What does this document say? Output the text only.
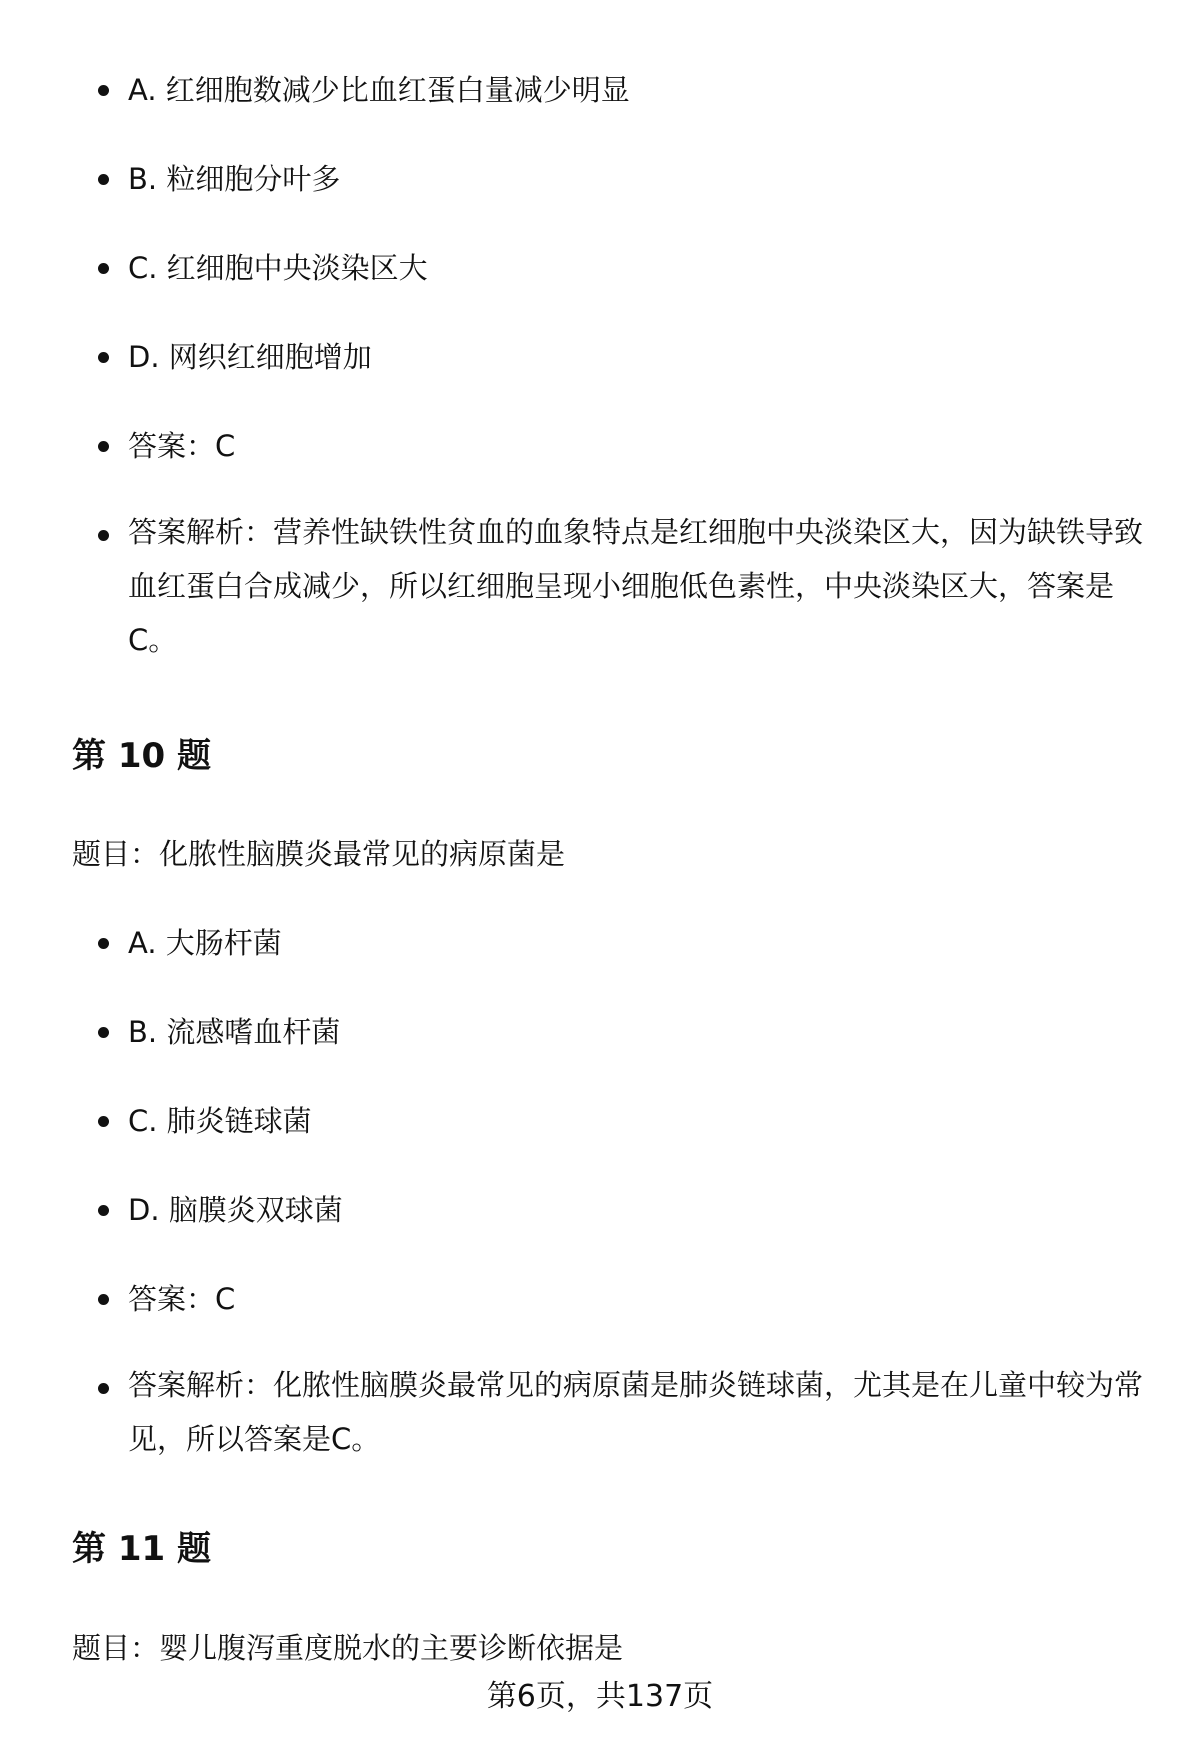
A. 红细胞数减少比血红蛋白量减少明显
B. 粒细胞分叶多
C. 红细胞中央淡染区大
D. 网织红细胞增加
答案：C
答案解析：营养性缺铁性贫血的血象特点是红细胞中央淡染区大，因为缺铁导致血红蛋白合成减少，所以红细胞呈现小细胞低色素性，中央淡染区大，答案是C。
第 10 题

题目：化脓性脑膜炎最常见的病原菌是

A. 大肠杆菌
B. 流感嗜血杆菌
C. 肺炎链球菌
D. 脑膜炎双球菌
答案：C
答案解析：化脓性脑膜炎最常见的病原菌是肺炎链球菌，尤其是在儿童中较为常见，所以答案是C。
第 11 题

题目：婴儿腹泻重度脱水的主要诊断依据是

第6页，共137页
